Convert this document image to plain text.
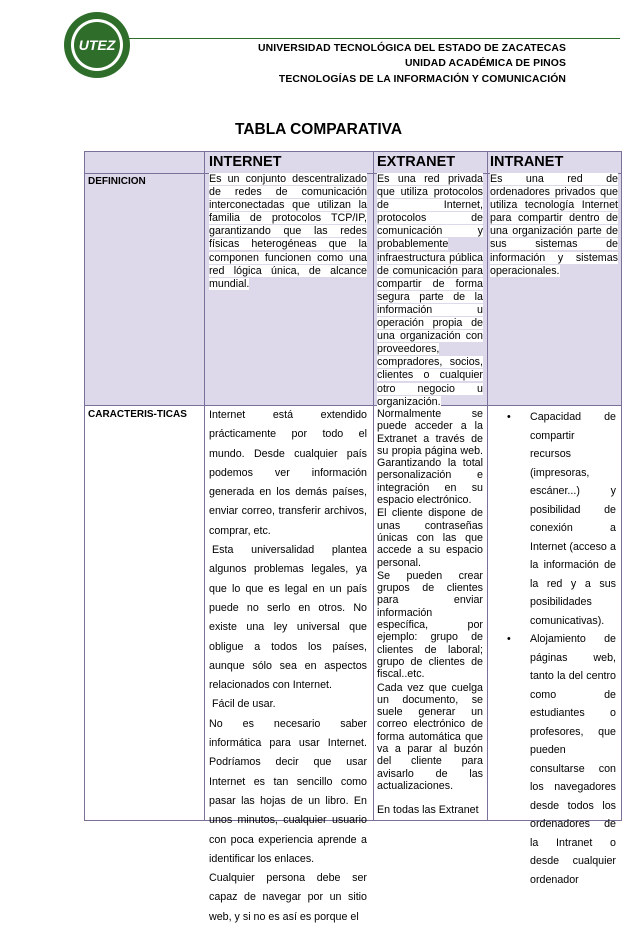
UTEZ	UNIVERSIDAD TECNOLÓGICA DEL ESTADO DE ZACATECAS
UNIDAD ACADÉMICA DE PINOS
TECNOLOGÍAS DE LA INFORMACIÓN Y COMUNICACIÓN
TABLA COMPARATIVA
INTERNET	EXTRANET INTRANET
DEFINICION
CARACTERIS-TICAS

Es un conjunto descentralizado de redes de comunicación interconectadas que utilizan la familia de protocolos TCP/IP, garantizando que las redes físicas heterogéneas que la componen funcionen como una red lógica única, de alcance mundial.

Es una red privada que utiliza protocolos de Internet, protocolos de comunicación y probablemente infraestructura pública de comunicación para compartir de forma segura parte de la información u operación propia de una organización con proveedores, compradores, socios, clientes o cualquier otro negocio u organización.

Es una red de ordenadores privados que utiliza tecnología Internet para compartir dentro de una organización parte de sus sistemas de información y sistemas operacionales.

Internet está extendido prácticamente por todo el mundo. Desde cualquier país podemos ver información generada en los demás países, enviar correo, transferir archivos, comprar, etc.

Esta universalidad plantea algunos problemas legales, ya que lo que es legal en un país puede no serlo en otros. No existe una ley universal que obligue a todos los países, aunque sólo sea en aspectos relacionados con Internet.

Fácil de usar.

No es necesario saber informática para usar Internet. Podríamos decir que usar Internet es tan sencillo como pasar las hojas de un libro. En unos minutos, cualquier usuario con poca experiencia aprende a identificar los enlaces.

Cualquier persona debe ser capaz de navegar por un sitio web, y si no es así es porque el

Normalmente se puede acceder a la Extranet a través de su propia página web. Garantizando la total personalización e integración en su espacio electrónico.

El cliente dispone de unas contraseñas únicas con las que accede a su espacio personal.

Se pueden crear grupos de clientes para enviar información específica, por ejemplo: grupo de clientes de laboral; grupo de clientes de fiscal..etc.

Cada vez que cuelga un documento, se suele generar un correo electrónico de forma automática que va a parar al buzón del cliente para avisarlo de las actualizaciones.

En todas las Extranet

• Capacidad de compartir recursos (impresoras, escáner...) y posibilidad de conexión a Internet (acceso a la información de la red y a sus posibilidades comunicativas).
• Alojamiento de páginas web, tanto la del centro como de estudiantes o profesores, que pueden consultarse con los navegadores desde todos los ordenadores de la Intranet o desde cualquier ordenador
